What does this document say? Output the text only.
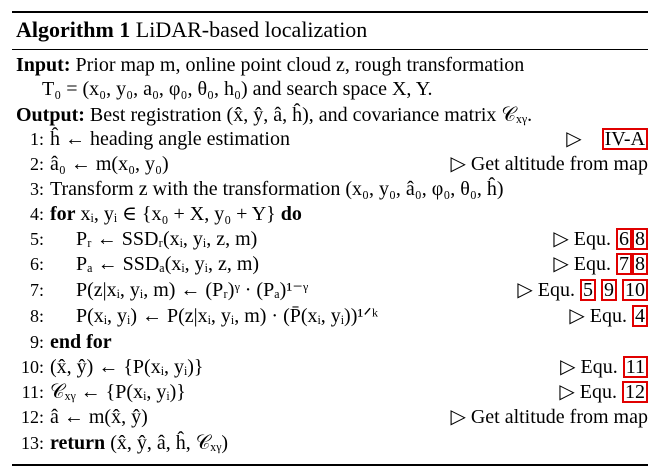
Algorithm 1 LiDAR-based localization
Input: Prior map m, online point cloud z, rough transformation
T₀ = (x₀, y₀, a₀, φ₀, θ₀, h₀) and search space X, Y.
Output: Best registration (x̂, ŷ, â, ĥ), and covariance matrix 𝒞ₓᵧ.
1: ĥ ← heading angle estimation	▷ IV-A
2: â₀ ← m(x₀, y₀)	▷ Get altitude from map
3: Transform z with the transformation (x₀, y₀, â₀, φ₀, θ₀, ĥ)
4: for xᵢ, yᵢ ∈ {x₀ + X, y₀ + Y} do
5: Pᵣ ← SSDᵣ(xᵢ, yᵢ, z, m)	▷ Equ. 6 8
6: Pₐ ← SSDₐ(xᵢ, yᵢ, z, m)	▷ Equ. 7 8
7: P(z|xᵢ, yᵢ, m) ← (Pᵣ)ᵞ · (Pₐ)¹⁻ᵞ	▷ Equ. 5 9 10
8: P(xᵢ, yᵢ) ← P(z|xᵢ, yᵢ, m) · (P̄(xᵢ, yᵢ))¹ᐟᵏ	▷ Equ. 4
9: end for
10: (x̂, ŷ) ← {P(xᵢ, yᵢ)}	▷ Equ. 11
11: 𝒞ₓᵧ ← {P(xᵢ, yᵢ)}	▷ Equ. 12
12: â ← m(x̂, ŷ)	▷ Get altitude from map
13: return (x̂, ŷ, â, ĥ, 𝒞ₓᵧ)
